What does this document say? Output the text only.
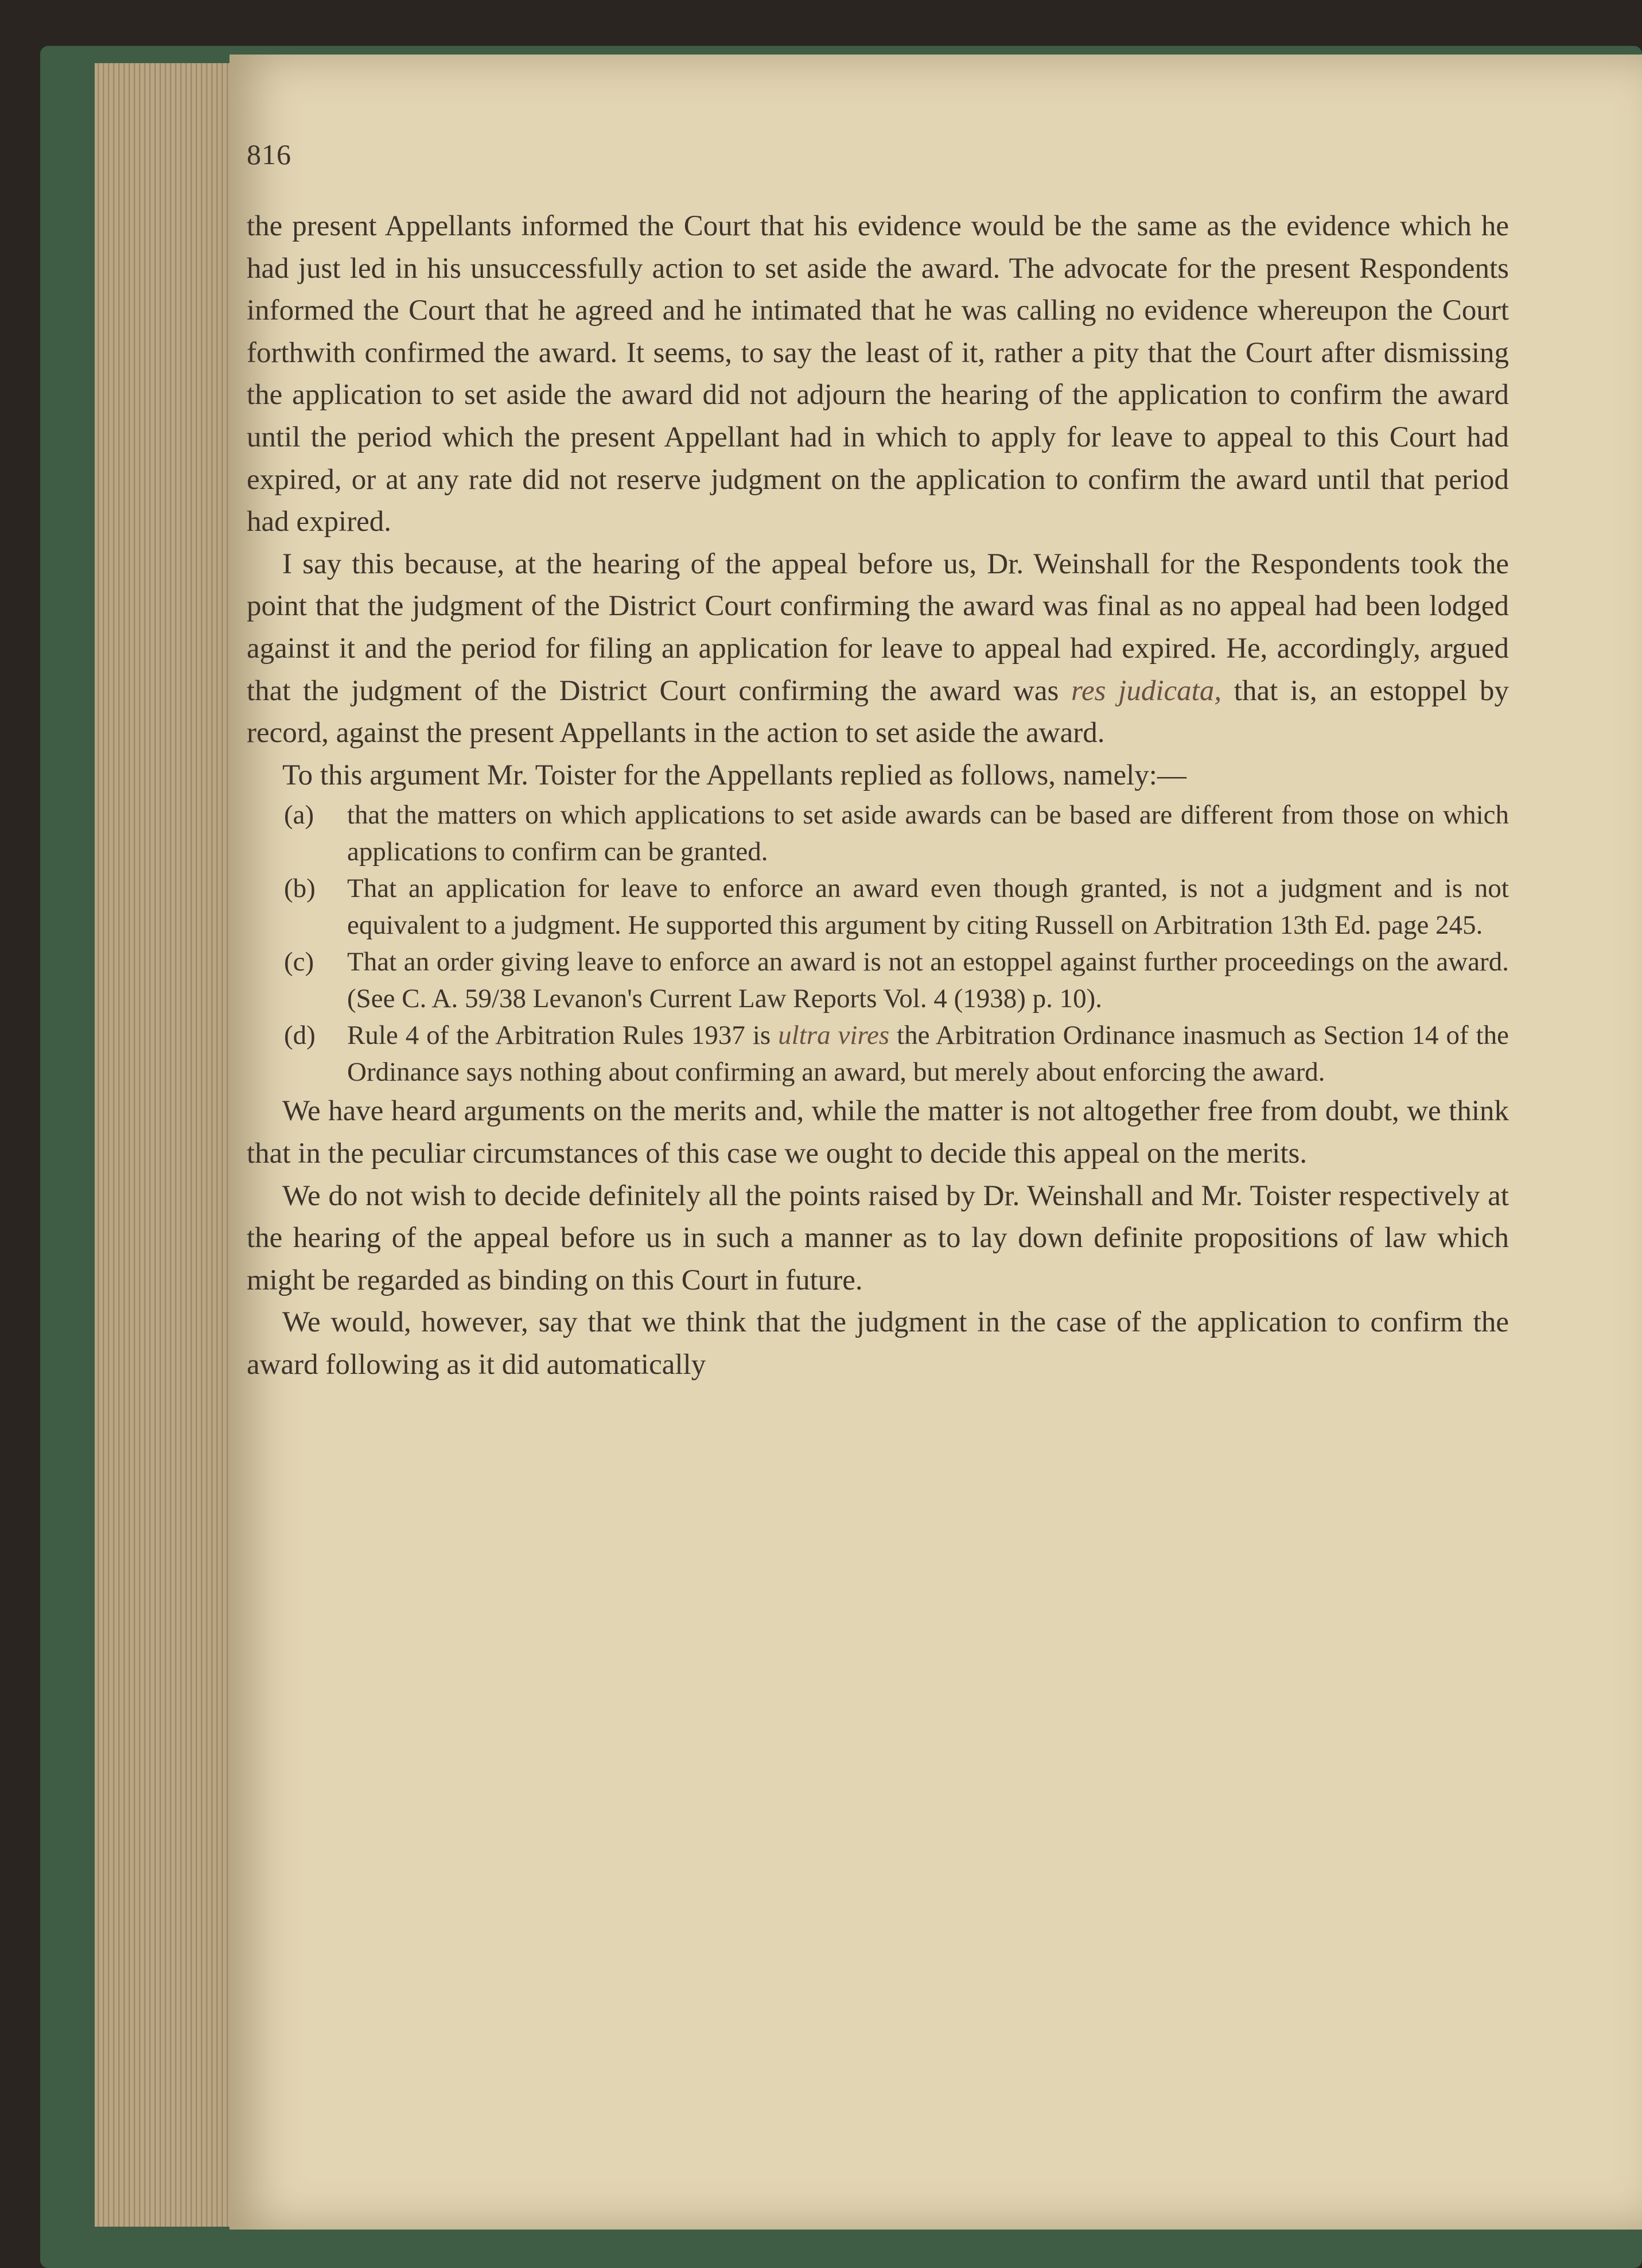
816

the present Appellants informed the Court that his evidence would be the same as the evidence which he had just led in his unsuccessfully action to set aside the award. The advocate for the present Respondents informed the Court that he agreed and he intimated that he was calling no evidence whereupon the Court forthwith confirmed the award. It seems, to say the least of it, rather a pity that the Court after dismissing the application to set aside the award did not adjourn the hearing of the application to confirm the award until the period which the present Appellant had in which to apply for leave to appeal to this Court had expired, or at any rate did not reserve judgment on the application to confirm the award until that period had expired.

I say this because, at the hearing of the appeal before us, Dr. Weinshall for the Respondents took the point that the judgment of the District Court confirming the award was final as no appeal had been lodged against it and the period for filing an application for leave to appeal had expired. He, accordingly, argued that the judgment of the District Court confirming the award was res judicata, that is, an estoppel by record, against the present Appellants in the action to set aside the award.

To this argument Mr. Toister for the Appellants replied as follows, namely:—

(a)	that the matters on which applications to set aside awards can be based are different from those on which applications to confirm can be granted.
(b)	That an application for leave to enforce an award even though granted, is not a judgment and is not equivalent to a judgment. He supported this argument by citing Russell on Arbitration 13th Ed. page 245.
(c)	That an order giving leave to enforce an award is not an estoppel against further proceedings on the award. (See C. A. 59/38 Levanon's Current Law Reports Vol. 4 (1938) p. 10).
(d)	Rule 4 of the Arbitration Rules 1937 is ultra vires the Arbitration Ordinance inasmuch as Section 14 of the Ordinance says nothing about confirming an award, but merely about enforcing the award.

We have heard arguments on the merits and, while the matter is not altogether free from doubt, we think that in the peculiar circumstances of this case we ought to decide this appeal on the merits.

We do not wish to decide definitely all the points raised by Dr. Weinshall and Mr. Toister respectively at the hearing of the appeal before us in such a manner as to lay down definite propositions of law which might be regarded as binding on this Court in future.

We would, however, say that we think that the judgment in the case of the application to confirm the award following as it did automatically
